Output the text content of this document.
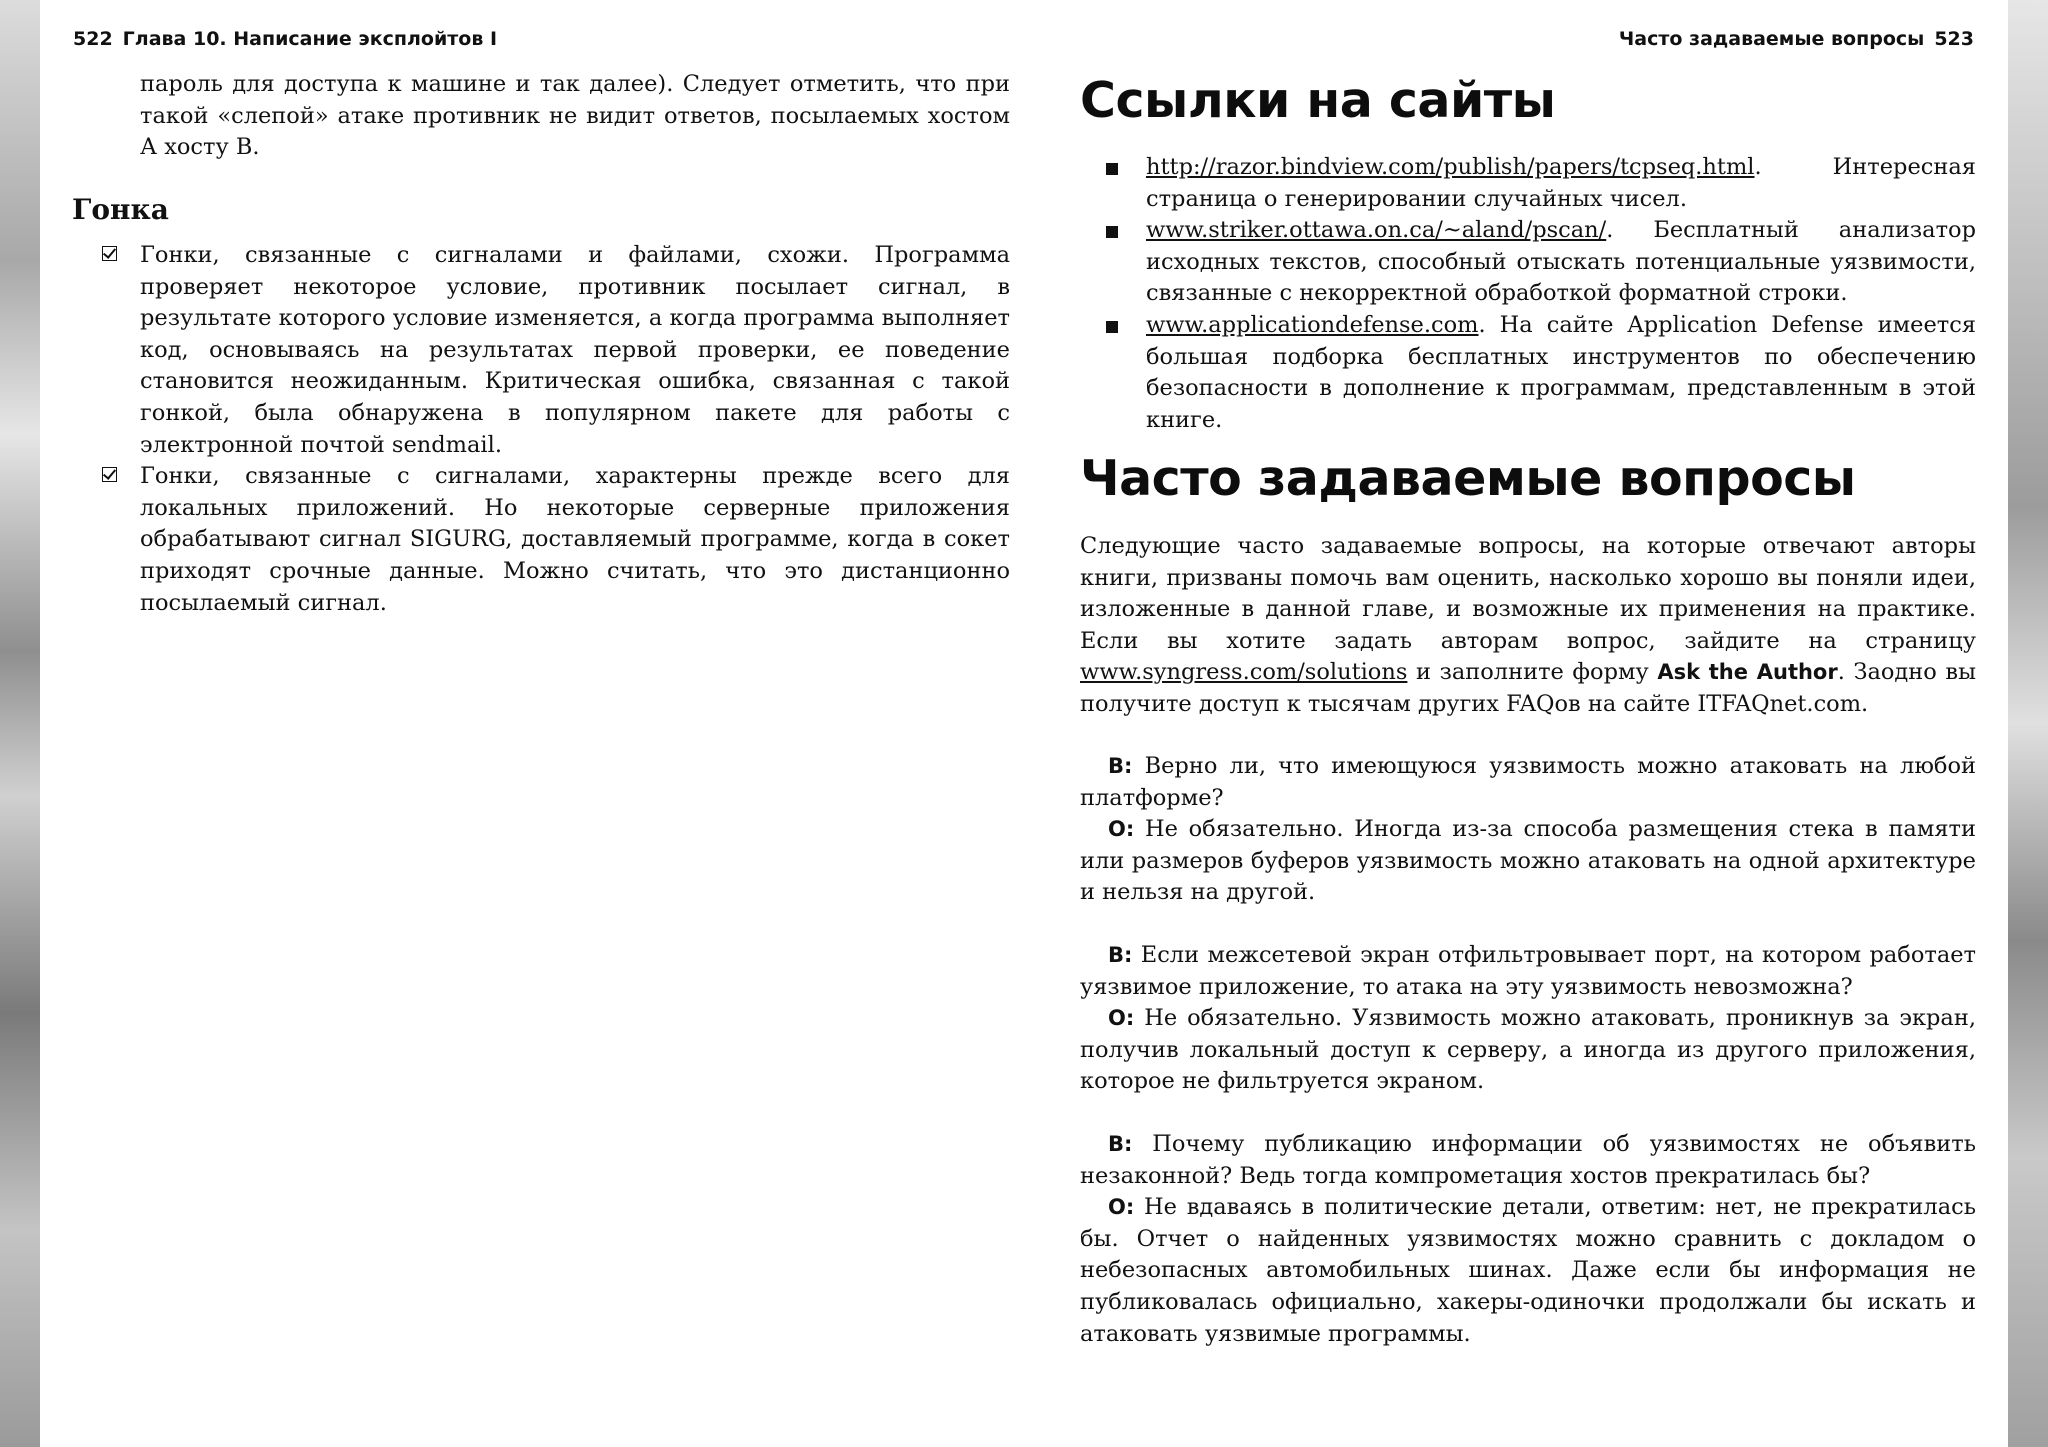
522 Глава 10. Написание эксплойтов I

пароль для доступа к машине и так далее). Следует отметить, что при такой «слепой» атаке противник не видит ответов, посылаемых хостом А хосту В.

Гонка
Гонки, связанные с сигналами и файлами, схожи. Программа проверяет некоторое условие, противник посылает сигнал, в результате которого условие изменяется, а когда программа выполняет код, основываясь на результатах первой проверки, ее поведение становится неожиданным. Критическая ошибка, связанная с такой гонкой, была обнаружена в популярном пакете для работы с электронной почтой sendmail.
Гонки, связанные с сигналами, характерны прежде всего для локальных приложений. Но некоторые серверные приложения обрабатывают сигнал SIGURG, доставляемый программе, когда в сокет приходят срочные данные. Можно считать, что это дистанционно посылаемый сигнал.
Часто задаваемые вопросы 523
Ссылки на сайты
http://razor.bindview.com/publish/papers/tcpseq.html. Интересная страница о генерировании случайных чисел.
www.striker.ottawa.on.ca/~aland/pscan/. Бесплатный анализатор исходных текстов, способный отыскать потенциальные уязвимости, связанные с некорректной обработкой форматной строки.
www.applicationdefense.com. На сайте Application Defense имеется большая подборка бесплатных инструментов по обеспечению безопасности в дополнение к программам, представленным в этой книге.
Часто задаваемые вопросы

Следующие часто задаваемые вопросы, на которые отвечают авторы книги, призваны помочь вам оценить, насколько хорошо вы поняли идеи, изложенные в данной главе, и возможные их применения на практике. Если вы хотите задать авторам вопрос, зайдите на страницу www.syngress.com/solutions и заполните форму Ask the Author. Заодно вы получите доступ к тысячам других FAQов на сайте ITFAQnet.com.

В: Верно ли, что имеющуюся уязвимость можно атаковать на любой платформе?

О: Не обязательно. Иногда из-за способа размещения стека в памяти или размеров буферов уязвимость можно атаковать на одной архитектуре и нельзя на другой.

В: Если межсетевой экран отфильтровывает порт, на котором работает уязвимое приложение, то атака на эту уязвимость невозможна?

О: Не обязательно. Уязвимость можно атаковать, проникнув за экран, получив локальный доступ к серверу, а иногда из другого приложения, которое не фильтруется экраном.

В: Почему публикацию информации об уязвимостях не объявить незаконной? Ведь тогда компрометация хостов прекратилась бы?

О: Не вдаваясь в политические детали, ответим: нет, не прекратилась бы. Отчет о найденных уязвимостях можно сравнить с докладом о небезопасных автомобильных шинах. Даже если бы информация не публиковалась официально, хакеры-одиночки продолжали бы искать и атаковать уязвимые программы.
